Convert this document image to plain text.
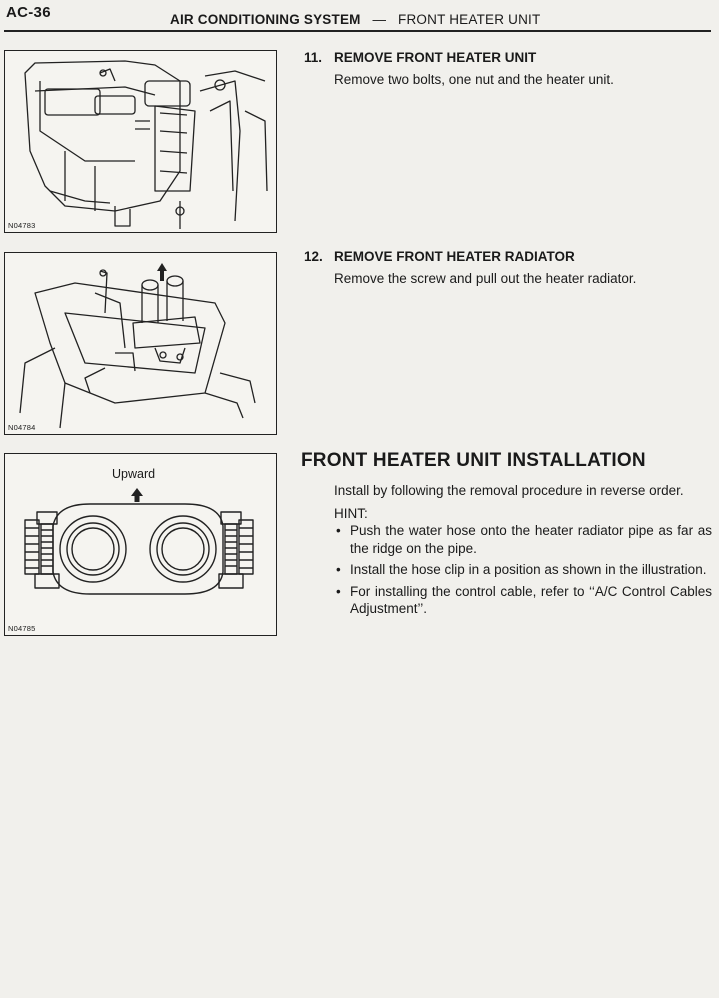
AC-36	AIR CONDITIONING SYSTEM — FRONT HEATER UNIT
N04783
N04784
Upward
N04785
11. REMOVE FRONT HEATER UNIT
Remove two bolts, one nut and the heater unit.
12. REMOVE FRONT HEATER RADIATOR
Remove the screw and pull out the heater radiator.
FRONT HEATER UNIT INSTALLATION
Install by following the removal procedure in reverse order.
HINT:
• Push the water hose onto the heater radiator pipe as far as the ridge on the pipe.
• Install the hose clip in a position as shown in the illustration.
• For installing the control cable, refer to ‘‘A/C Control Cables Adjustment’’.
